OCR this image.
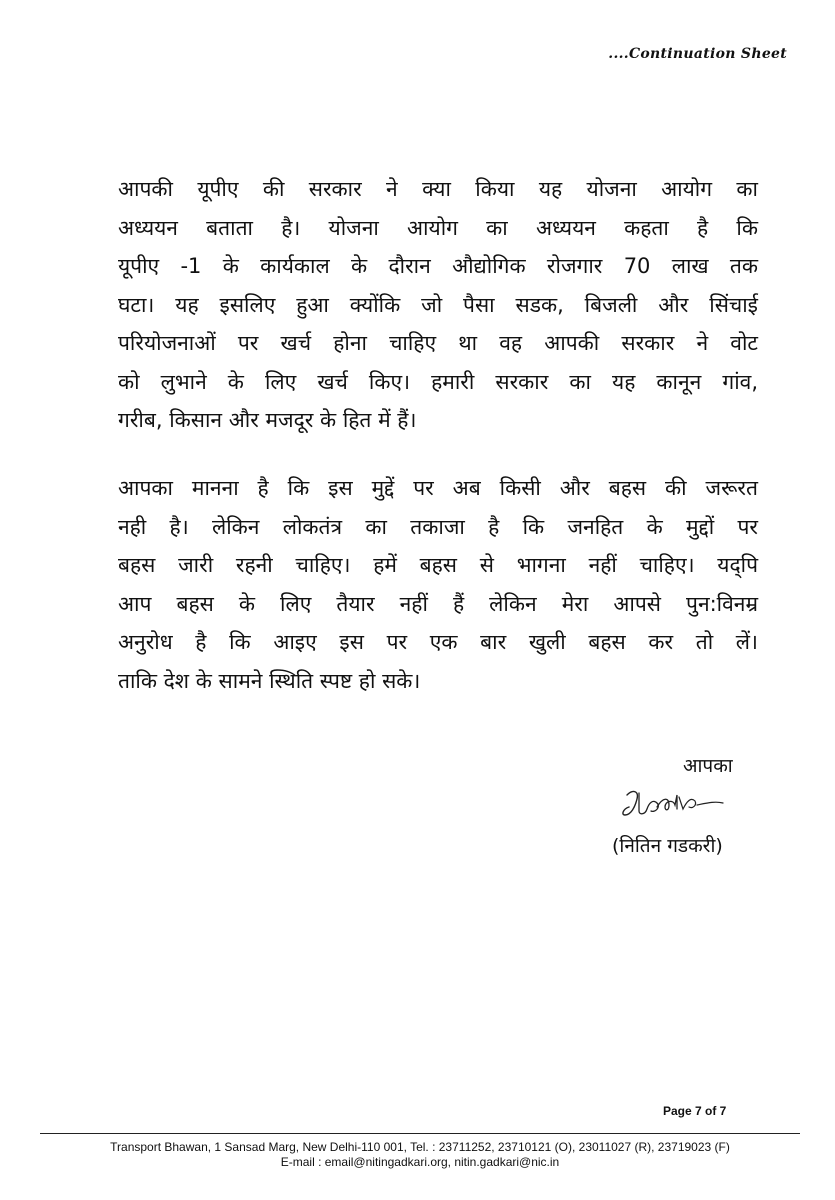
....Continuation Sheet
आपकी यूपीए की सरकार ने क्या किया यह योजना आयोग का
अध्ययन बताता है। योजना आयोग का अध्ययन कहता है कि
यूपीए -1 के कार्यकाल के दौरान औद्योगिक रोजगार 70 लाख तक
घटा। यह इसलिए हुआ क्योंकि जो पैसा सडक, बिजली और सिंचाई
परियोजनाओं पर खर्च होना चाहिए था वह आपकी सरकार ने वोट
को लुभाने के लिए खर्च किए। हमारी सरकार का यह कानून गांव,
गरीब, किसान और मजदूर के हित में हैं।
आपका मानना है कि इस मुद्दें पर अब किसी और बहस की जरूरत
नही है। लेकिन लोकतंत्र का तकाजा है कि जनहित के मुद्दों पर
बहस जारी रहनी चाहिए। हमें बहस से भागना नहीं चाहिए। यद्पि
आप बहस के लिए तैयार नहीं हैं लेकिन मेरा आपसे पुन:विनम्र
अनुरोध है कि आइए इस पर एक बार खुली बहस कर तो लें।
ताकि देश के सामने स्थिति स्पष्ट हो सके।
आपका
(नितिन गडकरी)
Page 7 of 7
Transport Bhawan, 1 Sansad Marg, New Delhi-110 001, Tel. : 23711252, 23710121 (O), 23011027 (R), 23719023 (F)
E-mail : email@nitingadkari.org, nitin.gadkari@nic.in
